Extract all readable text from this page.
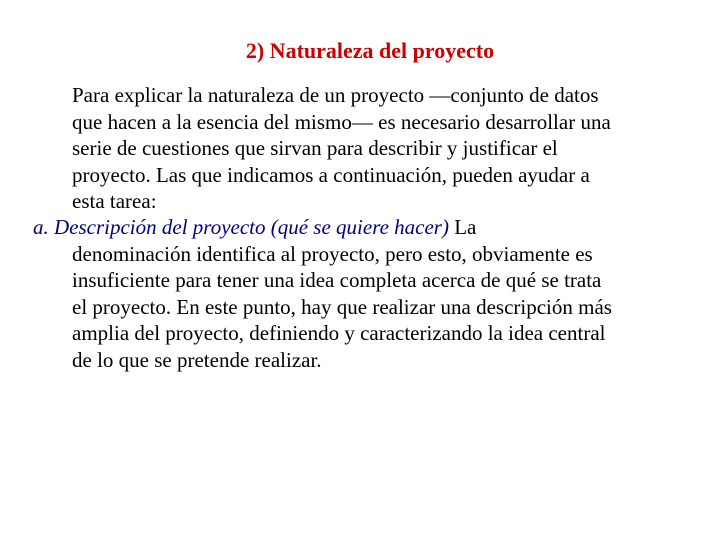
2) Naturaleza del proyecto
Para explicar la naturaleza de un proyecto —conjunto de datos
que hacen a la esencia del mismo— es necesario desarrollar una
serie de cuestiones que sirvan para describir y justificar el
proyecto. Las que indicamos a continuación, pueden ayudar a
esta tarea:
a. Descripción del proyecto (qué se quiere hacer) La
denominación identifica al proyecto, pero esto, obviamente es
insuficiente para tener una idea completa acerca de qué se trata
el proyecto. En este punto, hay que realizar una descripción más
amplia del proyecto, definiendo y caracterizando la idea central
de lo que se pretende realizar.
